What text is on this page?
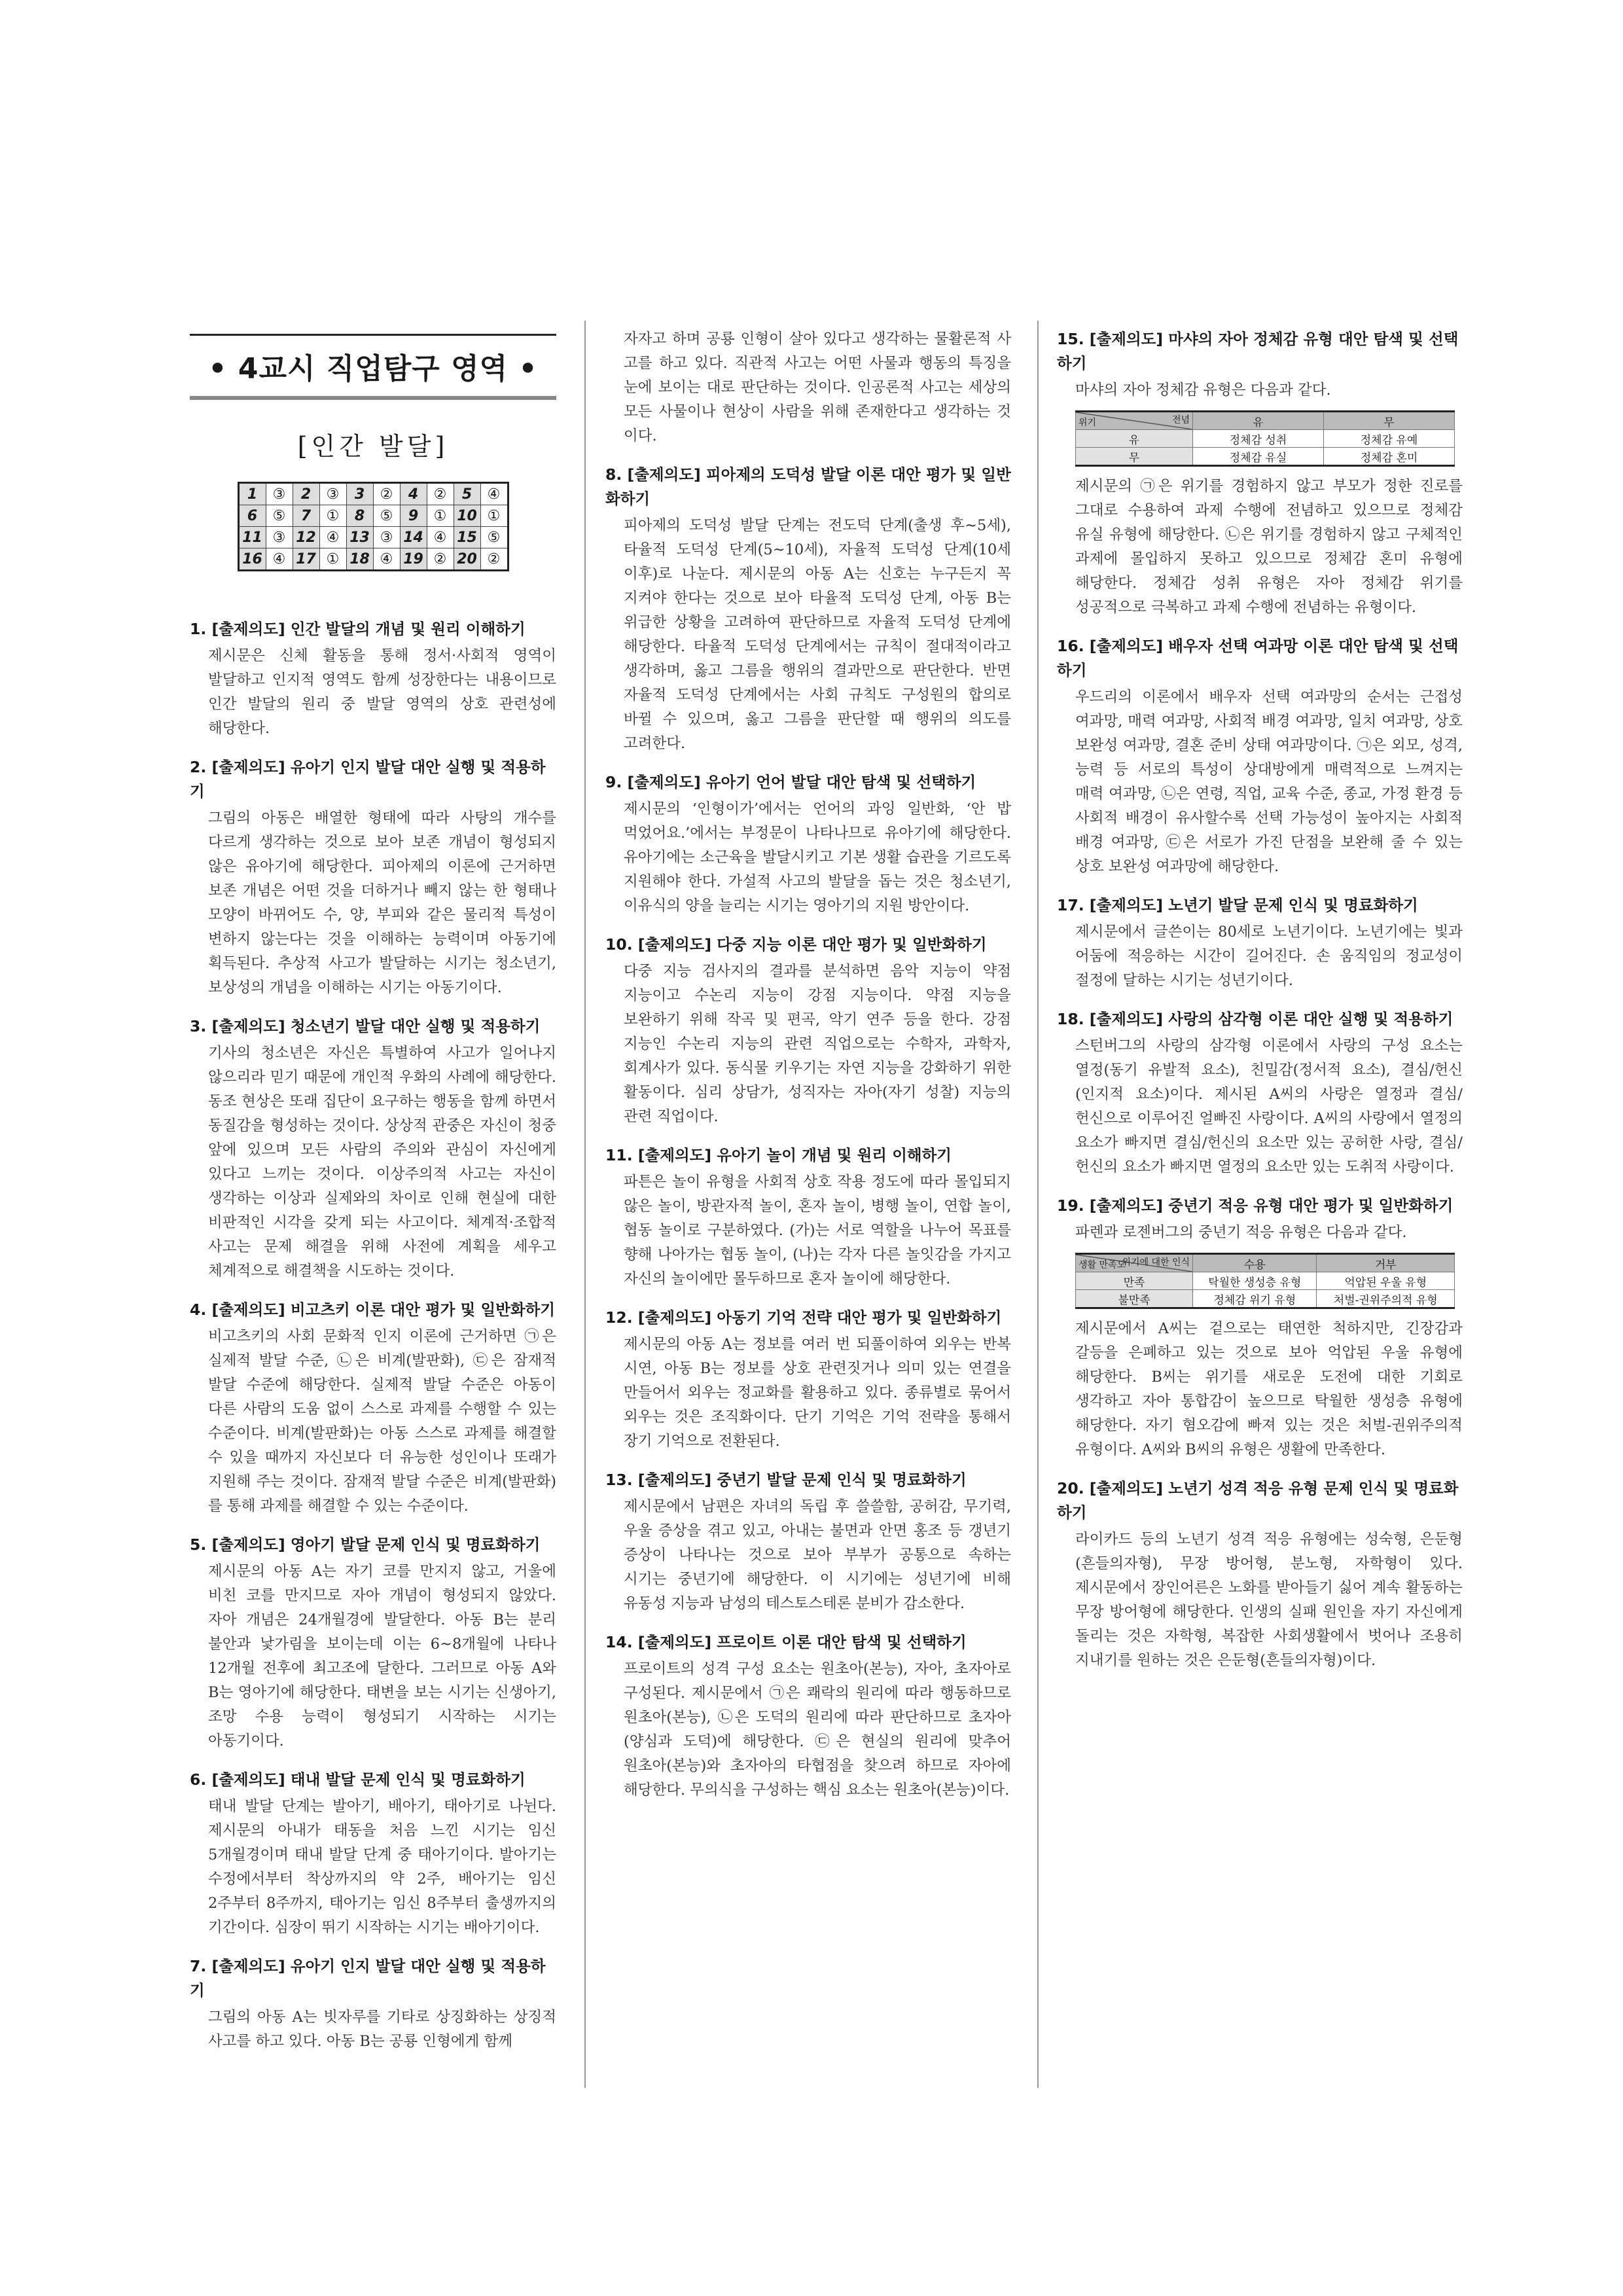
• 4교시 직업탐구 영역 •
[인간 발달]
1	③	2	③	3	②	4	②	5	④
6	⑤	7	①	8	⑤	9	①	10	①
11	③	12	④	13	③	14	④	15	⑤
16	④	17	①	18	④	19	②	20	②
1. [출제의도] 인간 발달의 개념 및 원리 이해하기
제시문은 신체 활동을 통해 정서·사회적 영역이 발달하고 인지적 영역도 함께 성장한다는 내용이므로 인간 발달의 원리 중 발달 영역의 상호 관련성에 해당한다.
2. [출제의도] 유아기 인지 발달 대안 실행 및 적용하기
그림의 아동은 배열한 형태에 따라 사탕의 개수를 다르게 생각하는 것으로 보아 보존 개념이 형성되지 않은 유아기에 해당한다. 피아제의 이론에 근거하면 보존 개념은 어떤 것을 더하거나 빼지 않는 한 형태나 모양이 바뀌어도 수, 양, 부피와 같은 물리적 특성이 변하지 않는다는 것을 이해하는 능력이며 아동기에 획득된다. 추상적 사고가 발달하는 시기는 청소년기, 보상성의 개념을 이해하는 시기는 아동기이다.
3. [출제의도] 청소년기 발달 대안 실행 및 적용하기
기사의 청소년은 자신은 특별하여 사고가 일어나지 않으리라 믿기 때문에 개인적 우화의 사례에 해당한다. 동조 현상은 또래 집단이 요구하는 행동을 함께 하면서 동질감을 형성하는 것이다. 상상적 관중은 자신이 청중 앞에 있으며 모든 사람의 주의와 관심이 자신에게 있다고 느끼는 것이다. 이상주의적 사고는 자신이 생각하는 이상과 실제와의 차이로 인해 현실에 대한 비판적인 시각을 갖게 되는 사고이다. 체계적·조합적 사고는 문제 해결을 위해 사전에 계획을 세우고 체계적으로 해결책을 시도하는 것이다.
4. [출제의도] 비고츠키 이론 대안 평가 및 일반화하기
비고츠키의 사회 문화적 인지 이론에 근거하면 ㉠은 실제적 발달 수준, ㉡은 비계(발판화), ㉢은 잠재적 발달 수준에 해당한다. 실제적 발달 수준은 아동이 다른 사람의 도움 없이 스스로 과제를 수행할 수 있는 수준이다. 비계(발판화)는 아동 스스로 과제를 해결할 수 있을 때까지 자신보다 더 유능한 성인이나 또래가 지원해 주는 것이다. 잠재적 발달 수준은 비계(발판화)를 통해 과제를 해결할 수 있는 수준이다.
5. [출제의도] 영아기 발달 문제 인식 및 명료화하기
제시문의 아동 A는 자기 코를 만지지 않고, 거울에 비친 코를 만지므로 자아 개념이 형성되지 않았다. 자아 개념은 24개월경에 발달한다. 아동 B는 분리 불안과 낯가림을 보이는데 이는 6∼8개월에 나타나 12개월 전후에 최고조에 달한다. 그러므로 아동 A와 B는 영아기에 해당한다. 태변을 보는 시기는 신생아기, 조망 수용 능력이 형성되기 시작하는 시기는 아동기이다.
6. [출제의도] 태내 발달 문제 인식 및 명료화하기
태내 발달 단계는 발아기, 배아기, 태아기로 나뉜다. 제시문의 아내가 태동을 처음 느낀 시기는 임신 5개월경이며 태내 발달 단계 중 태아기이다. 발아기는 수정에서부터 착상까지의 약 2주, 배아기는 임신 2주부터 8주까지, 태아기는 임신 8주부터 출생까지의 기간이다. 심장이 뛰기 시작하는 시기는 배아기이다.
7. [출제의도] 유아기 인지 발달 대안 실행 및 적용하기
그림의 아동 A는 빗자루를 기타로 상징화하는 상징적 사고를 하고 있다. 아동 B는 공룡 인형에게 함께
자자고 하며 공룡 인형이 살아 있다고 생각하는 물활론적 사고를 하고 있다. 직관적 사고는 어떤 사물과 행동의 특징을 눈에 보이는 대로 판단하는 것이다. 인공론적 사고는 세상의 모든 사물이나 현상이 사람을 위해 존재한다고 생각하는 것이다.
8. [출제의도] 피아제의 도덕성 발달 이론 대안 평가 및 일반화하기
피아제의 도덕성 발달 단계는 전도덕 단계(출생 후∼5세), 타율적 도덕성 단계(5∼10세), 자율적 도덕성 단계(10세 이후)로 나눈다. 제시문의 아동 A는 신호는 누구든지 꼭 지켜야 한다는 것으로 보아 타율적 도덕성 단계, 아동 B는 위급한 상황을 고려하여 판단하므로 자율적 도덕성 단계에 해당한다. 타율적 도덕성 단계에서는 규칙이 절대적이라고 생각하며, 옳고 그름을 행위의 결과만으로 판단한다. 반면 자율적 도덕성 단계에서는 사회 규칙도 구성원의 합의로 바뀔 수 있으며, 옳고 그름을 판단할 때 행위의 의도를 고려한다.
9. [출제의도] 유아기 언어 발달 대안 탐색 및 선택하기
제시문의 ‘인형이가’에서는 언어의 과잉 일반화, ‘안 밥 먹었어요.’에서는 부정문이 나타나므로 유아기에 해당한다. 유아기에는 소근육을 발달시키고 기본 생활 습관을 기르도록 지원해야 한다. 가설적 사고의 발달을 돕는 것은 청소년기, 이유식의 양을 늘리는 시기는 영아기의 지원 방안이다.
10. [출제의도] 다중 지능 이론 대안 평가 및 일반화하기
다중 지능 검사지의 결과를 분석하면 음악 지능이 약점 지능이고 수논리 지능이 강점 지능이다. 약점 지능을 보완하기 위해 작곡 및 편곡, 악기 연주 등을 한다. 강점 지능인 수논리 지능의 관련 직업으로는 수학자, 과학자, 회계사가 있다. 동식물 키우기는 자연 지능을 강화하기 위한 활동이다. 심리 상담가, 성직자는 자아(자기 성찰) 지능의 관련 직업이다.
11. [출제의도] 유아기 놀이 개념 및 원리 이해하기
파튼은 놀이 유형을 사회적 상호 작용 정도에 따라 몰입되지 않은 놀이, 방관자적 놀이, 혼자 놀이, 병행 놀이, 연합 놀이, 협동 놀이로 구분하였다. (가)는 서로 역할을 나누어 목표를 향해 나아가는 협동 놀이, (나)는 각자 다른 놀잇감을 가지고 자신의 놀이에만 몰두하므로 혼자 놀이에 해당한다.
12. [출제의도] 아동기 기억 전략 대안 평가 및 일반화하기
제시문의 아동 A는 정보를 여러 번 되풀이하여 외우는 반복 시연, 아동 B는 정보를 상호 관련짓거나 의미 있는 연결을 만들어서 외우는 정교화를 활용하고 있다. 종류별로 묶어서 외우는 것은 조직화이다. 단기 기억은 기억 전략을 통해서 장기 기억으로 전환된다.
13. [출제의도] 중년기 발달 문제 인식 및 명료화하기
제시문에서 남편은 자녀의 독립 후 쓸쓸함, 공허감, 무기력, 우울 증상을 겪고 있고, 아내는 불면과 안면 홍조 등 갱년기 증상이 나타나는 것으로 보아 부부가 공통으로 속하는 시기는 중년기에 해당한다. 이 시기에는 성년기에 비해 유동성 지능과 남성의 테스토스테론 분비가 감소한다.
14. [출제의도] 프로이트 이론 대안 탐색 및 선택하기
프로이트의 성격 구성 요소는 원초아(본능), 자아, 초자아로 구성된다. 제시문에서 ㉠은 쾌락의 원리에 따라 행동하므로 원초아(본능), ㉡은 도덕의 원리에 따라 판단하므로 초자아(양심과 도덕)에 해당한다. ㉢은 현실의 원리에 맞추어 원초아(본능)와 초자아의 타협점을 찾으려 하므로 자아에 해당한다. 무의식을 구성하는 핵심 요소는 원초아(본능)이다.
15. [출제의도] 마샤의 자아 정체감 유형 대안 탐색 및 선택하기
마샤의 자아 정체감 유형은 다음과 같다.
전념
위기	유	무
유	정체감 성취	정체감 유예
무	정체감 유실	정체감 혼미
제시문의 ㉠은 위기를 경험하지 않고 부모가 정한 진로를 그대로 수용하여 과제 수행에 전념하고 있으므로 정체감 유실 유형에 해당한다. ㉡은 위기를 경험하지 않고 구체적인 과제에 몰입하지 못하고 있으므로 정체감 혼미 유형에 해당한다. 정체감 성취 유형은 자아 정체감 위기를 성공적으로 극복하고 과제 수행에 전념하는 유형이다.
16. [출제의도] 배우자 선택 여과망 이론 대안 탐색 및 선택하기
우드리의 이론에서 배우자 선택 여과망의 순서는 근접성 여과망, 매력 여과망, 사회적 배경 여과망, 일치 여과망, 상호 보완성 여과망, 결혼 준비 상태 여과망이다. ㉠은 외모, 성격, 능력 등 서로의 특성이 상대방에게 매력적으로 느껴지는 매력 여과망, ㉡은 연령, 직업, 교육 수준, 종교, 가정 환경 등 사회적 배경이 유사할수록 선택 가능성이 높아지는 사회적 배경 여과망, ㉢은 서로가 가진 단점을 보완해 줄 수 있는 상호 보완성 여과망에 해당한다.
17. [출제의도] 노년기 발달 문제 인식 및 명료화하기
제시문에서 글쓴이는 80세로 노년기이다. 노년기에는 빛과 어둠에 적응하는 시간이 길어진다. 손 움직임의 정교성이 절정에 달하는 시기는 성년기이다.
18. [출제의도] 사랑의 삼각형 이론 대안 실행 및 적용하기
스턴버그의 사랑의 삼각형 이론에서 사랑의 구성 요소는 열정(동기 유발적 요소), 친밀감(정서적 요소), 결심/헌신(인지적 요소)이다. 제시된 A씨의 사랑은 열정과 결심/헌신으로 이루어진 얼빠진 사랑이다. A씨의 사랑에서 열정의 요소가 빠지면 결심/헌신의 요소만 있는 공허한 사랑, 결심/헌신의 요소가 빠지면 열정의 요소만 있는 도취적 사랑이다.
19. [출제의도] 중년기 적응 유형 대안 평가 및 일반화하기
파렌과 로젠버그의 중년기 적응 유형은 다음과 같다.
위기에 대한 인식
생활 만족도	수용	거부
만족	탁월한 생성층 유형	억압된 우울 유형
불만족	정체감 위기 유형	처벌-권위주의적 유형
제시문에서 A씨는 겉으로는 태연한 척하지만, 긴장감과 갈등을 은폐하고 있는 것으로 보아 억압된 우울 유형에 해당한다. B씨는 위기를 새로운 도전에 대한 기회로 생각하고 자아 통합감이 높으므로 탁월한 생성층 유형에 해당한다. 자기 혐오감에 빠져 있는 것은 처벌-권위주의적 유형이다. A씨와 B씨의 유형은 생활에 만족한다.
20. [출제의도] 노년기 성격 적응 유형 문제 인식 및 명료화하기
라이카드 등의 노년기 성격 적응 유형에는 성숙형, 은둔형(흔들의자형), 무장 방어형, 분노형, 자학형이 있다. 제시문에서 장인어른은 노화를 받아들기 싫어 계속 활동하는 무장 방어형에 해당한다. 인생의 실패 원인을 자기 자신에게 돌리는 것은 자학형, 복잡한 사회생활에서 벗어나 조용히 지내기를 원하는 것은 은둔형(흔들의자형)이다.
